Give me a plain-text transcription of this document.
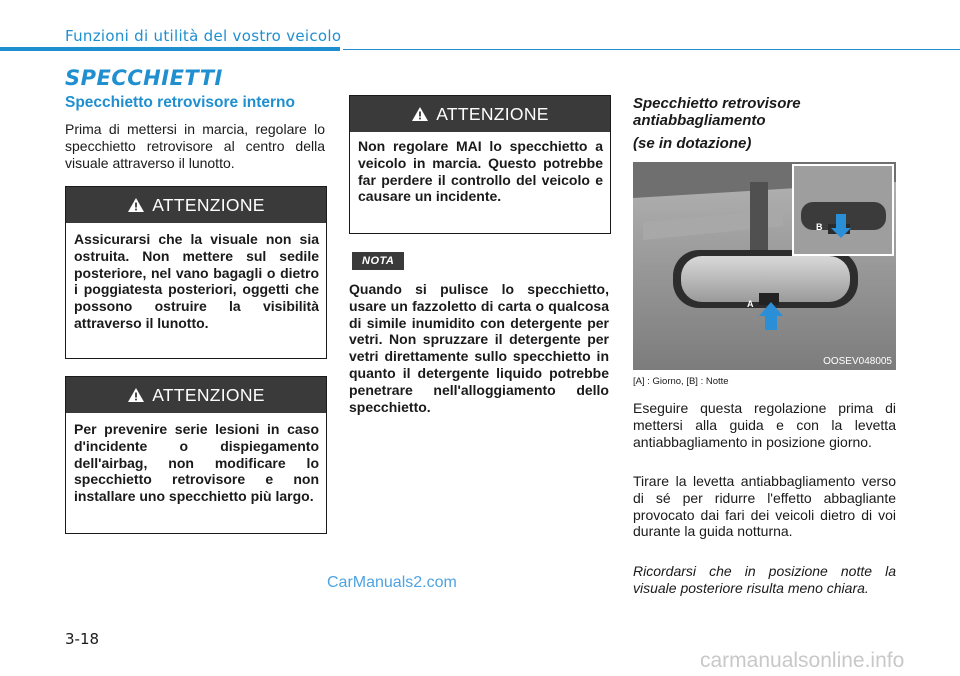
Funzioni di utilità del vostro veicolo
SPECCHIETTI
Specchietto retrovisore interno
Prima di mettersi in marcia, regolare lo specchietto retrovisore al centro della visuale attraverso il lunotto.
ATTENZIONE
Assicurarsi che la visuale non sia ostruita. Non mettere sul sedile posteriore, nel vano bagagli o dietro i poggiatesta posteriori, oggetti che possono ostruire la visibilità attraverso il lunotto.
ATTENZIONE
Per prevenire serie lesioni in caso d'incidente o dispiegamento dell'airbag, non modificare lo specchietto retrovisore e non installare uno specchietto più largo.
ATTENZIONE
Non regolare MAI lo specchietto a veicolo in marcia. Questo potrebbe far perdere il controllo del veicolo e causare un incidente.
NOTA
Quando si pulisce lo specchietto, usare un fazzoletto di carta o qualcosa di simile inumidito con detergente per vetri. Non spruzzare il detergente per vetri direttamente sullo specchietto in quanto il detergente liquido potrebbe penetrare nell'alloggiamento dello specchietto.
Specchietto retrovisore
antiabbagliamento
(se in dotazione)
A
B
OOSEV048005
[A] : Giorno, [B] : Notte
Eseguire questa regolazione prima di mettersi alla guida e con la levetta antiabbagliamento in posizione giorno.
Tirare la levetta antiabbagliamento verso di sé per ridurre l'effetto abbagliante provocato dai fari dei veicoli dietro di voi durante la guida notturna.
Ricordarsi che in posizione notte la visuale posteriore risulta meno chiara.
CarManuals2.com
3-18
carmanualsonline.info
